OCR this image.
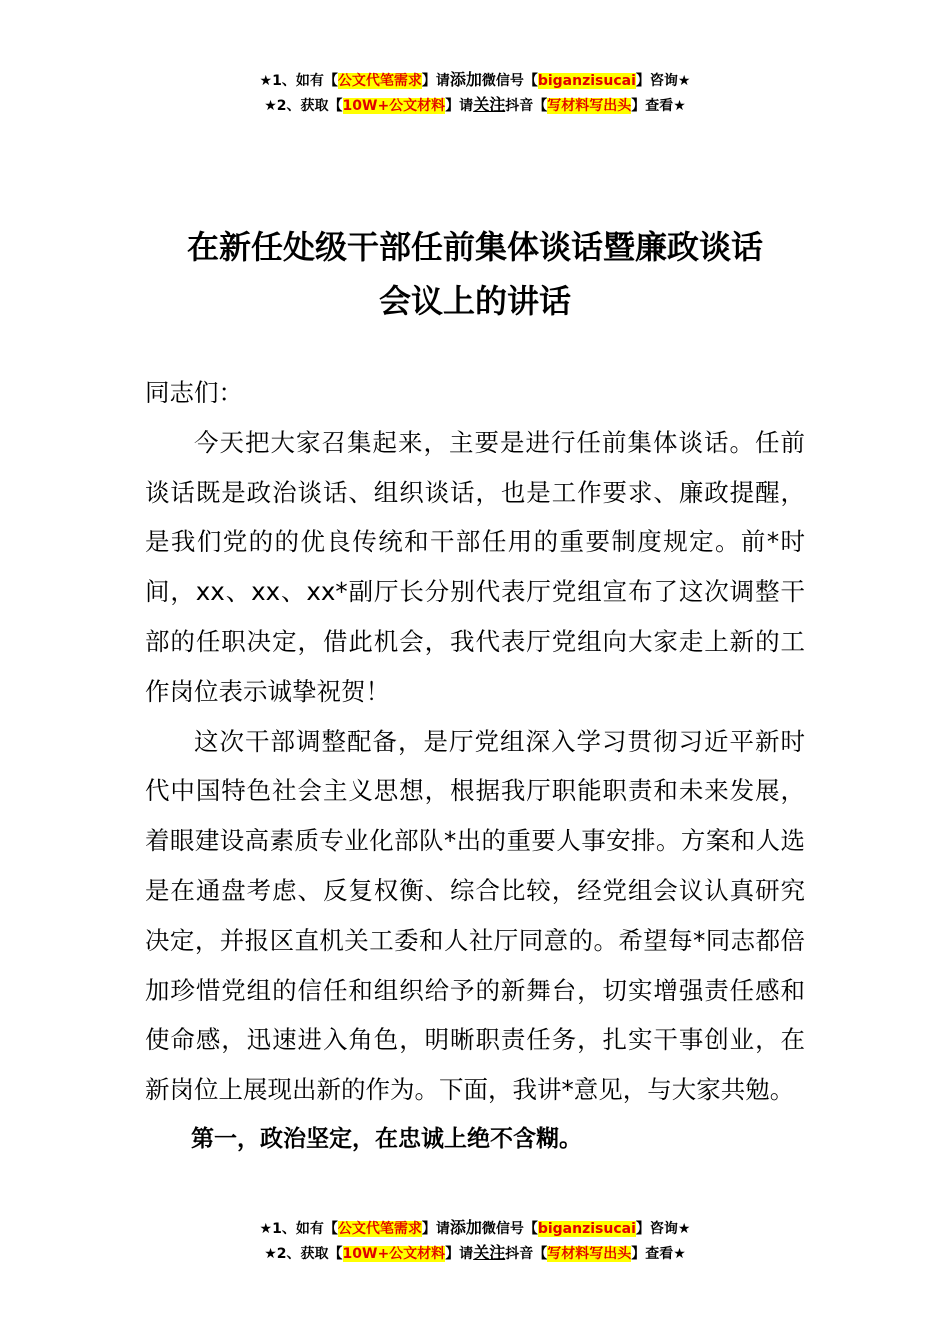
★1、如有【公文代笔需求】请添加微信号【biganzisucai】咨询★
★2、获取【10W+公文材料】请关注抖音【写材料写出头】查看★
在新任处级干部任前集体谈话暨廉政谈话
会议上的讲话

同志们：

今天把大家召集起来，主要是进行任前集体谈话。任前谈话既是政治谈话、组织谈话，也是工作要求、廉政提醒，是我们党的的优良传统和干部任用的重要制度规定。前*时间，xx、xx、xx*副厅长分别代表厅党组宣布了这次调整干部的任职决定，借此机会，我代表厅党组向大家走上新的工作岗位表示诚挚祝贺！

这次干部调整配备，是厅党组深入学习贯彻习近平新时代中国特色社会主义思想，根据我厅职能职责和未来发展，着眼建设高素质专业化部队*出的重要人事安排。方案和人选是在通盘考虑、反复权衡、综合比较，经党组会议认真研究决定，并报区直机关工委和人社厅同意的。希望每*同志都倍加珍惜党组的信任和组织给予的新舞台，切实增强责任感和使命感，迅速进入角色，明晰职责任务，扎实干事创业，在新岗位上展现出新的作为。下面，我讲*意见，与大家共勉。

第一，政治坚定，在忠诚上绝不含糊。

★1、如有【公文代笔需求】请添加微信号【biganzisucai】咨询★
★2、获取【10W+公文材料】请关注抖音【写材料写出头】查看★
